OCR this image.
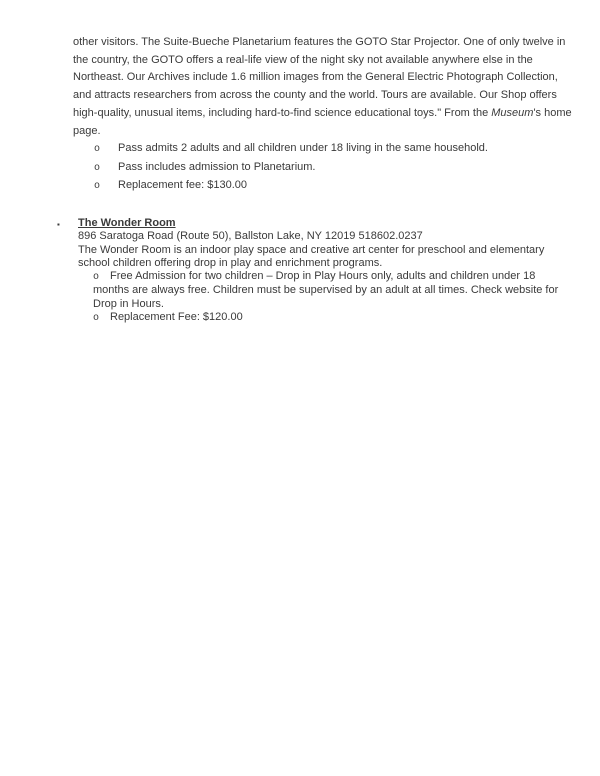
other visitors. The Suite-Bueche Planetarium features the GOTO Star Projector. One of only twelve in the country, the GOTO offers a real-life view of the night sky not available anywhere else in the Northeast. Our Archives include 1.6 million images from the General Electric Photograph Collection, and attracts researchers from across the county and the world. Tours are available. Our Shop offers high-quality, unusual items, including hard-to-find science educational toys." From the Museum's home page.
o Pass admits 2 adults and all children under 18 living in the same household.
o Pass includes admission to Planetarium.
o Replacement fee: $130.00
▪ The Wonder Room
896 Saratoga Road (Route 50), Ballston Lake, NY 12019 518602.0237
The Wonder Room is an indoor play space and creative art center for preschool and elementary school children offering drop in play and enrichment programs.
o Free Admission for two children – Drop in Play Hours only, adults and children under 18 months are always free. Children must be supervised by an adult at all times. Check website for Drop in Hours.
o Replacement Fee: $120.00
